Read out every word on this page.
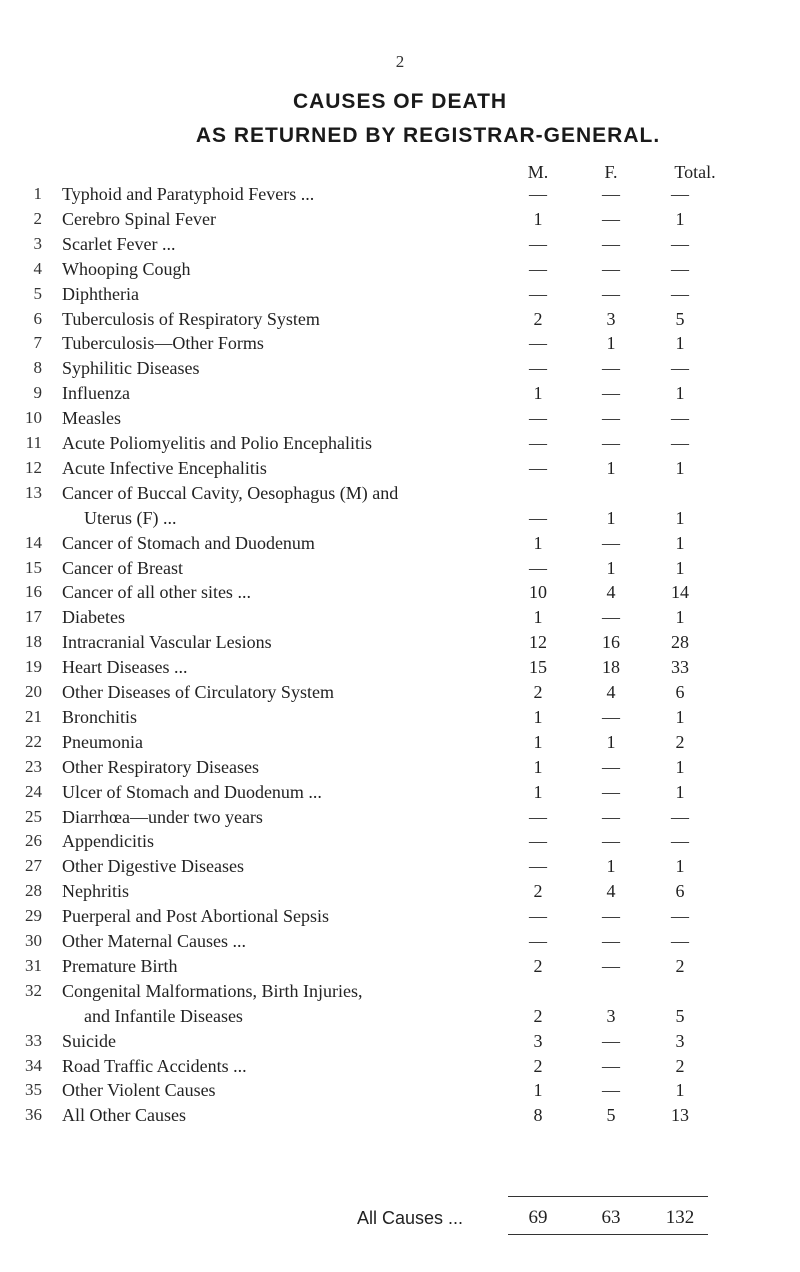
2
CAUSES OF DEATH
AS RETURNED BY REGISTRAR-GENERAL.
M.	F.	Total.
1 Typhoid and Paratyphoid Fevers ...	—	—	—
2 Cerebro Spinal Fever	1	—	1
3 Scarlet Fever ...	—	—	—
4 Whooping Cough	—	—	—
5 Diphtheria	—	—	—
6 Tuberculosis of Respiratory System	2	3	5
7 Tuberculosis—Other Forms	—	1	1
8 Syphilitic Diseases	—	—	—
9 Influenza	1	—	1
10 Measles	—	—	—
11 Acute Poliomyelitis and Polio Encephalitis	—	—	—
12 Acute Infective Encephalitis	—	1	1
13 Cancer of Buccal Cavity, Oesophagus (M) and
Uterus (F) ...	—	1	1
14 Cancer of Stomach and Duodenum	1	—	1
15 Cancer of Breast	—	1	1
16 Cancer of all other sites ...	10	4	14
17 Diabetes	1	—	1
18 Intracranial Vascular Lesions	12	16	28
19 Heart Diseases ...	15	18	33
20 Other Diseases of Circulatory System	2	4	6
21 Bronchitis	1	—	1
22 Pneumonia	1	1	2
23 Other Respiratory Diseases	1	—	1
24 Ulcer of Stomach and Duodenum ...	1	—	1
25 Diarrhœa—under two years	—	—	—
26 Appendicitis	—	—	—
27 Other Digestive Diseases	—	1	1
28 Nephritis	2	4	6
29 Puerperal and Post Abortional Sepsis	—	—	—
30 Other Maternal Causes ...	—	—	—
31 Premature Birth	2	—	2
32 Congenital Malformations, Birth Injuries,
and Infantile Diseases	2	3	5
33 Suicide	3	—	3
34 Road Traffic Accidents ...	2	—	2
35 Other Violent Causes	1	—	1
36 All Other Causes	8	5	13
All Causes ...	69	63	132
